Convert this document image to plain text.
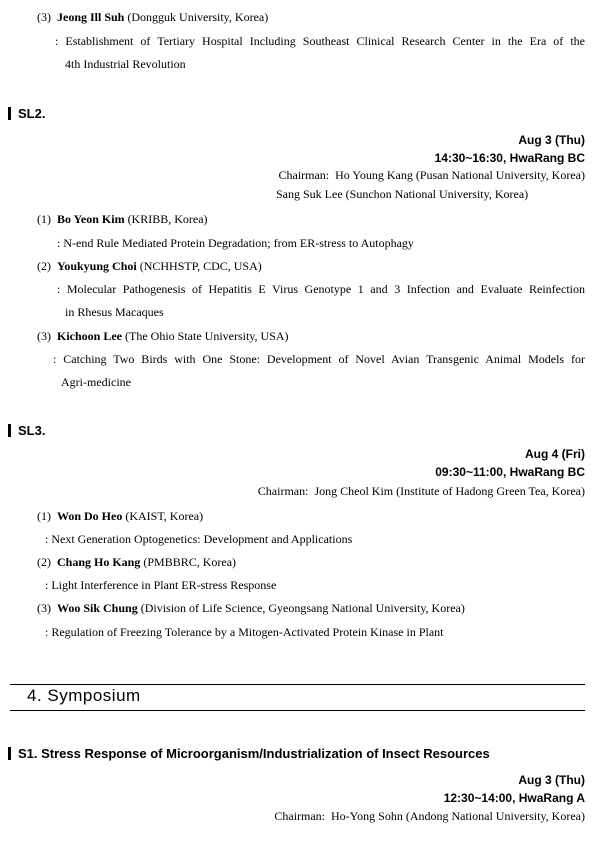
(3) Jeong Ill Suh (Dongguk University, Korea)
: Establishment of Tertiary Hospital Including Southeast Clinical Research Center in the Era of the
4th Industrial Revolution
SL2.
Aug 3 (Thu)
14:30~16:30, HwaRang BC
Chairman: Ho Young Kang (Pusan National University, Korea)
Sang Suk Lee (Sunchon National University, Korea)
(1) Bo Yeon Kim (KRIBB, Korea)
: N-end Rule Mediated Protein Degradation; from ER-stress to Autophagy
(2) Youkyung Choi (NCHHSTP, CDC, USA)
: Molecular Pathogenesis of Hepatitis E Virus Genotype 1 and 3 Infection and Evaluate Reinfection
in Rhesus Macaques
(3) Kichoon Lee (The Ohio State University, USA)
: Catching Two Birds with One Stone: Development of Novel Avian Transgenic Animal Models for
Agri-medicine
SL3.
Aug 4 (Fri)
09:30~11:00, HwaRang BC
Chairman: Jong Cheol Kim (Institute of Hadong Green Tea, Korea)
(1) Won Do Heo (KAIST, Korea)
: Next Generation Optogenetics: Development and Applications
(2) Chang Ho Kang (PMBBRC, Korea)
: Light Interference in Plant ER-stress Response
(3) Woo Sik Chung (Division of Life Science, Gyeongsang National University, Korea)
: Regulation of Freezing Tolerance by a Mitogen-Activated Protein Kinase in Plant
4. Symposium
S1. Stress Response of Microorganism/Industrialization of Insect Resources
Aug 3 (Thu)
12:30~14:00, HwaRang A
Chairman: Ho-Yong Sohn (Andong National University, Korea)
